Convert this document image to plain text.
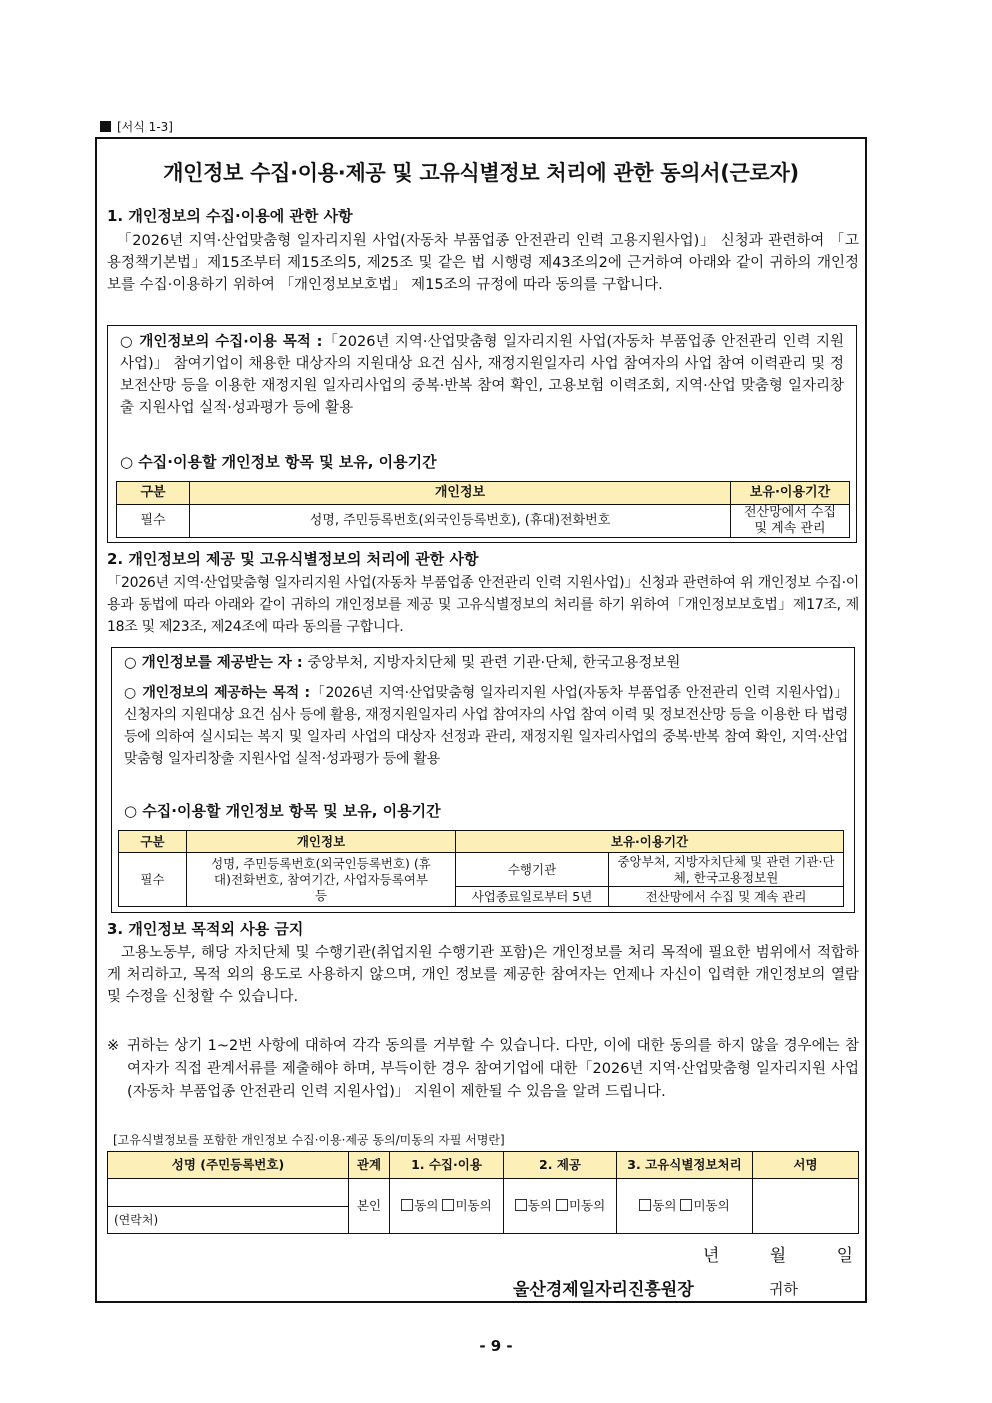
[서식 1-3]
개인정보 수집·이용·제공 및 고유식별정보 처리에 관한 동의서(근로자)
1. 개인정보의 수집·이용에 관한 사항
「2026년 지역·산업맞춤형 일자리지원 사업(자동차 부품업종 안전관리 인력 고용지원사업)」 신청과 관련하여 「고용정책기본법」제15조부터 제15조의5, 제25조 및 같은 법 시행령 제43조의2에 근거하여 아래와 같이 귀하의 개인정보를 수집·이용하기 위하여 「개인정보보호법」 제15조의 규정에 따라 동의를 구합니다.
○ 개인정보의 수집·이용 목적 :「2026년 지역·산업맞춤형 일자리지원 사업(자동차 부품업종 안전관리 인력 지원사업)」 참여기업이 채용한 대상자의 지원대상 요건 심사, 재정지원일자리 사업 참여자의 사업 참여 이력관리 및 정보전산망 등을 이용한 재정지원 일자리사업의 중복·반복 참여 확인, 고용보험 이력조회, 지역·산업 맞춤형 일자리창출 지원사업 실적·성과평가 등에 활용
○ 수집·이용할 개인정보 항목 및 보유, 이용기간
구분	개인정보	보유·이용기간
필수	성명, 주민등록번호(외국인등록번호), (휴대)전화번호	전산망에서 수집 및 계속 관리
2. 개인정보의 제공 및 고유식별정보의 처리에 관한 사항
「2026년 지역·산업맞춤형 일자리지원 사업(자동차 부품업종 안전관리 인력 지원사업)」신청과 관련하여 위 개인정보 수집·이용과 동법에 따라 아래와 같이 귀하의 개인정보를 제공 및 고유식별정보의 처리를 하기 위하여「개인정보보호법」제17조, 제18조 및 제23조, 제24조에 따라 동의를 구합니다.
○ 개인정보를 제공받는 자 : 중앙부처, 지방자치단체 및 관련 기관·단체, 한국고용정보원
○ 개인정보의 제공하는 목적 :「2026년 지역·산업맞춤형 일자리지원 사업(자동차 부품업종 안전관리 인력 지원사업)」 신청자의 지원대상 요건 심사 등에 활용, 재정지원일자리 사업 참여자의 사업 참여 이력 및 정보전산망 등을 이용한 타 법령등에 의하여 실시되는 복지 및 일자리 사업의 대상자 선정과 관리, 재정지원 일자리사업의 중복·반복 참여 확인, 지역·산업 맞춤형 일자리창출 지원사업 실적·성과평가 등에 활용
○ 수집·이용할 개인정보 항목 및 보유, 이용기간
구분	개인정보	보유·이용기간	
필수	성명, 주민등록번호(외국인등록번호) (휴대)전화번호, 참여기간, 사업자등록여부 등	수행기관	중앙부처, 지방자치단체 및 관련 기관·단체, 한국고용정보원
		사업종료일로부터 5년	전산망에서 수집 및 계속 관리
3. 개인정보 목적외 사용 금지
고용노동부, 해당 자치단체 및 수행기관(취업지원 수행기관 포함)은 개인정보를 처리 목적에 필요한 범위에서 적합하게 처리하고, 목적 외의 용도로 사용하지 않으며, 개인 정보를 제공한 참여자는 언제나 자신이 입력한 개인정보의 열람 및 수정을 신청할 수 있습니다.
※ 귀하는 상기 1~2번 사항에 대하여 각각 동의를 거부할 수 있습니다. 다만, 이에 대한 동의를 하지 않을 경우에는 참여자가 직접 관계서류를 제출해야 하며, 부득이한 경우 참여기업에 대한「2026년 지역·산업맞춤형 일자리지원 사업(자동차 부품업종 안전관리 인력 지원사업)」 지원이 제한될 수 있음을 알려 드립니다.
[고유식별정보를 포함한 개인정보 수집·이용·제공 동의/미동의 자필 서명란]
성명 (주민등록번호)	관계	1. 수집·이용	2. 제공	3. 고유식별정보처리	서명
	본인	동의 미동의	동의 미동의	동의 미동의	
(연락처)					
년	월	일
울산경제일자리진흥원장	귀하
- 9 -
